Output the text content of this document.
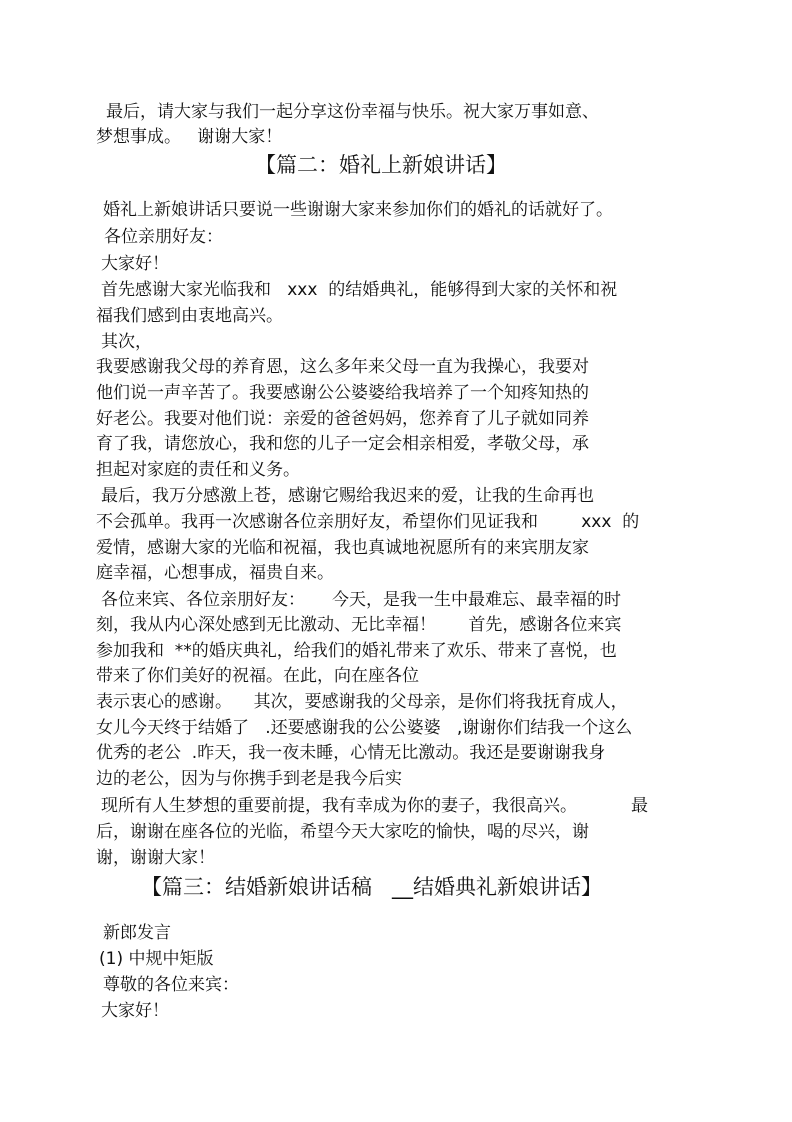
最后，请大家与我们一起分享这份幸福与快乐。祝大家万事如意、
梦想事成。   谢谢大家！
【篇二：婚礼上新娘讲话】
婚礼上新娘讲话只要说一些谢谢大家来参加你们的婚礼的话就好了。
各位亲朋好友：
大家好！
首先感谢大家光临我和   xxx  的结婚典礼，能够得到大家的关怀和祝
福我们感到由衷地高兴。
其次，
我要感谢我父母的养育恩，这么多年来父母一直为我操心，我要对
他们说一声辛苦了。我要感谢公公婆婆给我培养了一个知疼知热的
好老公。我要对他们说：亲爱的爸爸妈妈，您养育了儿子就如同养
育了我，请您放心，我和您的儿子一定会相亲相爱，孝敬父母，承
担起对家庭的责任和义务。
最后，我万分感激上苍，感谢它赐给我迟来的爱，让我的生命再也
不会孤单。我再一次感谢各位亲朋好友，希望你们见证我和        xxx  的
爱情，感谢大家的光临和祝福，我也真诚地祝愿所有的来宾朋友家
庭幸福，心想事成，福贵自来。
各位来宾、各位亲朋好友：     今天，是我一生中最难忘、最幸福的时
刻，我从内心深处感到无比激动、无比幸福！      首先，感谢各位来宾
参加我和  **的婚庆典礼，给我们的婚礼带来了欢乐、带来了喜悦，也
带来了你们美好的祝福。在此，向在座各位
表示衷心的感谢。    其次，要感谢我的父母亲，是你们将我抚育成人，
女儿今天终于结婚了   .还要感谢我的公公婆婆   ,谢谢你们结我一个这么
优秀的老公  .昨天，我一夜未睡，心情无比激动。我还是要谢谢我身
边的老公，因为与你携手到老是我今后实
现所有人生梦想的重要前提，我有幸成为你的妻子，我很高兴。          最
后，谢谢在座各位的光临，希望今天大家吃的愉快，喝的尽兴，谢
谢，谢谢大家！
【篇三：结婚新娘讲话稿   __结婚典礼新娘讲话】
新郎发言
(1) 中规中矩版
尊敬的各位来宾：
大家好！
